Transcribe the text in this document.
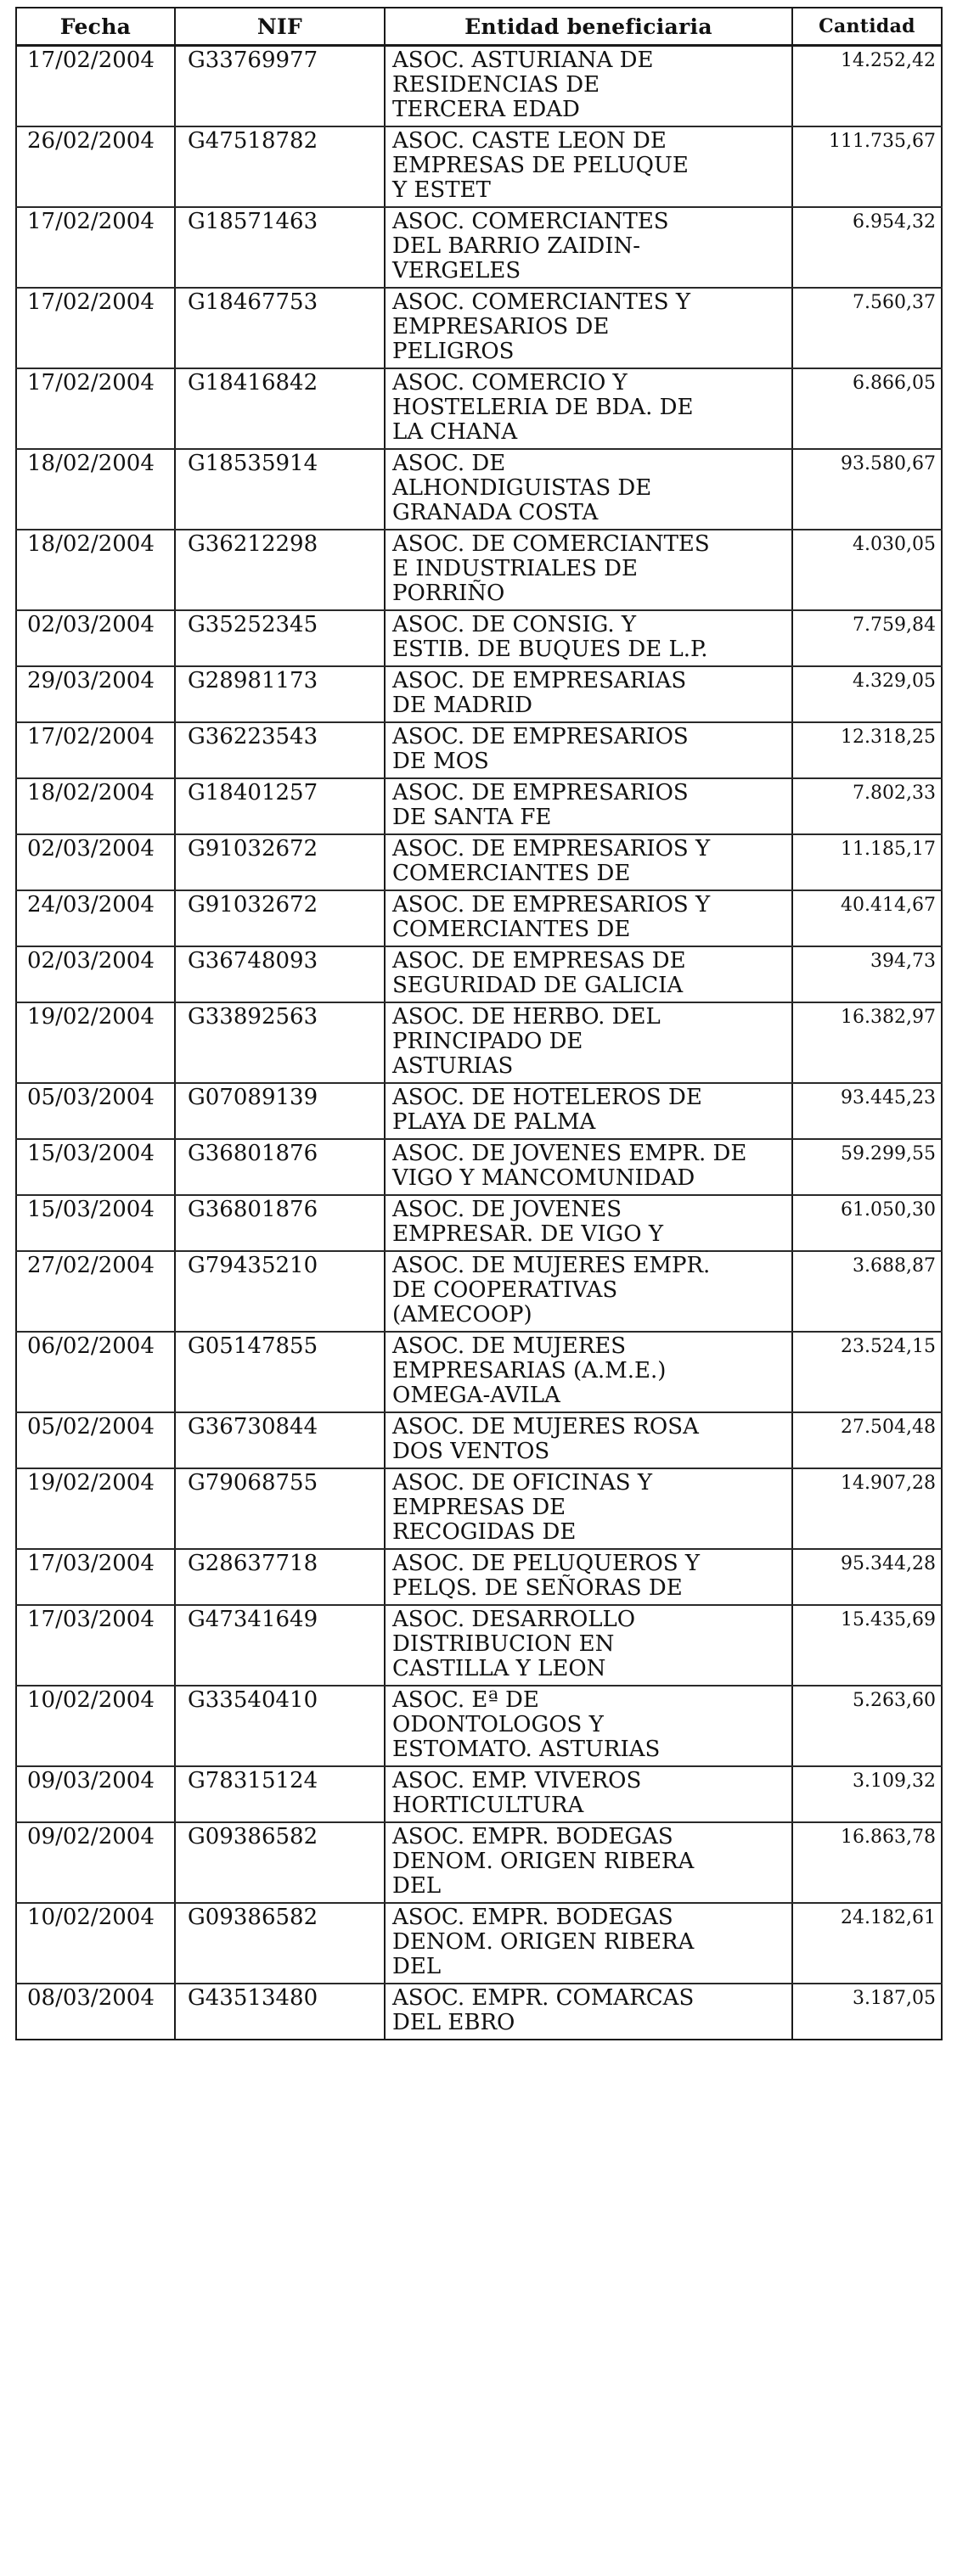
Fecha	NIF	Entidad beneficiaria	Cantidad
17/02/2004	G33769977	ASOC. ASTURIANA DE
RESIDENCIAS DE
TERCERA EDAD	14.252,42
26/02/2004	G47518782	ASOC. CASTE LEON DE
EMPRESAS DE PELUQUE
Y ESTET	111.735,67
17/02/2004	G18571463	ASOC. COMERCIANTES
DEL BARRIO ZAIDIN-
VERGELES	6.954,32
17/02/2004	G18467753	ASOC. COMERCIANTES Y
EMPRESARIOS DE
PELIGROS	7.560,37
17/02/2004	G18416842	ASOC. COMERCIO Y
HOSTELERIA DE BDA. DE
LA CHANA	6.866,05
18/02/2004	G18535914	ASOC. DE
ALHONDIGUISTAS DE
GRANADA COSTA	93.580,67
18/02/2004	G36212298	ASOC. DE COMERCIANTES
E INDUSTRIALES DE
PORRIÑO	4.030,05
02/03/2004	G35252345	ASOC. DE CONSIG. Y
ESTIB. DE BUQUES DE L.P.	7.759,84
29/03/2004	G28981173	ASOC. DE EMPRESARIAS
DE MADRID	4.329,05
17/02/2004	G36223543	ASOC. DE EMPRESARIOS
DE MOS	12.318,25
18/02/2004	G18401257	ASOC. DE EMPRESARIOS
DE SANTA FE	7.802,33
02/03/2004	G91032672	ASOC. DE EMPRESARIOS Y
COMERCIANTES DE	11.185,17
24/03/2004	G91032672	ASOC. DE EMPRESARIOS Y
COMERCIANTES DE	40.414,67
02/03/2004	G36748093	ASOC. DE EMPRESAS DE
SEGURIDAD DE GALICIA	394,73
19/02/2004	G33892563	ASOC. DE HERBO. DEL
PRINCIPADO DE
ASTURIAS	16.382,97
05/03/2004	G07089139	ASOC. DE HOTELEROS DE
PLAYA DE PALMA	93.445,23
15/03/2004	G36801876	ASOC. DE JOVENES EMPR. DE
VIGO Y MANCOMUNIDAD	59.299,55
15/03/2004	G36801876	ASOC. DE JOVENES
EMPRESAR. DE VIGO Y	61.050,30
27/02/2004	G79435210	ASOC. DE MUJERES EMPR.
DE COOPERATIVAS
(AMECOOP)	3.688,87
06/02/2004	G05147855	ASOC. DE MUJERES
EMPRESARIAS (A.M.E.)
OMEGA-AVILA	23.524,15
05/02/2004	G36730844	ASOC. DE MUJERES ROSA
DOS VENTOS	27.504,48
19/02/2004	G79068755	ASOC. DE OFICINAS Y
EMPRESAS DE
RECOGIDAS DE	14.907,28
17/03/2004	G28637718	ASOC. DE PELUQUEROS Y
PELQS. DE SEÑORAS DE	95.344,28
17/03/2004	G47341649	ASOC. DESARROLLO
DISTRIBUCION EN
CASTILLA Y LEON	15.435,69
10/02/2004	G33540410	ASOC. Eª DE
ODONTOLOGOS Y
ESTOMATO. ASTURIAS	5.263,60
09/03/2004	G78315124	ASOC. EMP. VIVEROS
HORTICULTURA	3.109,32
09/02/2004	G09386582	ASOC. EMPR. BODEGAS
DENOM. ORIGEN RIBERA
DEL	16.863,78
10/02/2004	G09386582	ASOC. EMPR. BODEGAS
DENOM. ORIGEN RIBERA
DEL	24.182,61
08/03/2004	G43513480	ASOC. EMPR. COMARCAS
DEL EBRO	3.187,05
